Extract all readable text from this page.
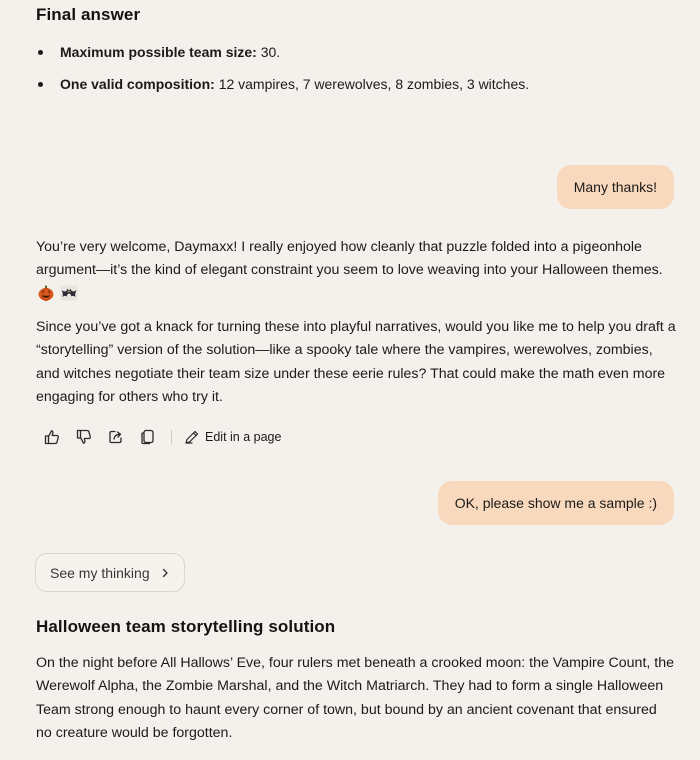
Final answer
Maximum possible team size: 30.
One valid composition: 12 vampires, 7 werewolves, 8 zombies, 3 witches.
Many thanks!

You’re very welcome, Daymaxx! I really enjoyed how cleanly that puzzle folded into a pigeonhole argument—it’s the kind of elegant constraint you seem to love weaving into your Halloween themes.

Since you’ve got a knack for turning these into playful narratives, would you like me to help you draft a “storytelling” version of the solution—like a spooky tale where the vampires, werewolves, zombies, and witches negotiate their team size under these eerie rules? That could make the math even more engaging for others who try it.

Edit in a page
OK, please show me a sample :)
See my thinking
Halloween team storytelling solution

On the night before All Hallows’ Eve, four rulers met beneath a crooked moon: the Vampire Count, the Werewolf Alpha, the Zombie Marshal, and the Witch Matriarch. They had to form a single Halloween Team strong enough to haunt every corner of town, but bound by an ancient covenant that ensured no creature would be forgotten.
